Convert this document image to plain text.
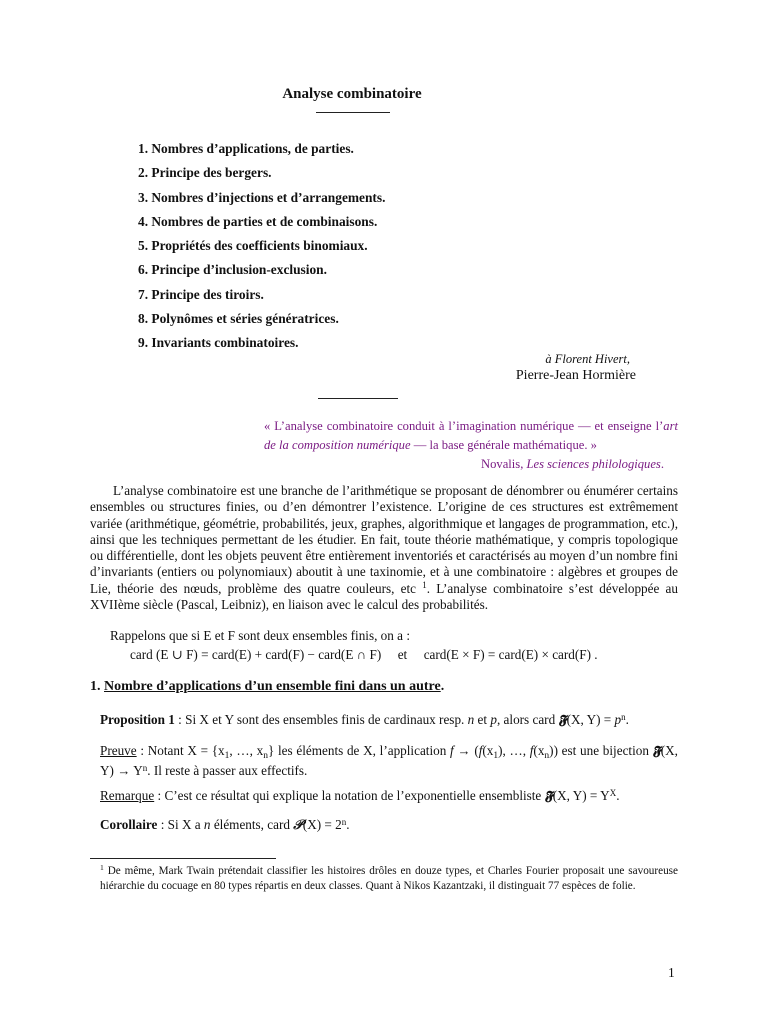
Analyse combinatoire
1. Nombres d’applications, de parties.
2. Principe des bergers.
3. Nombres d’injections et d’arrangements.
4. Nombres de parties et de combinaisons.
5. Propriétés des coefficients binomiaux.
6. Principe d’inclusion-exclusion.
7. Principe des tiroirs.
8. Polynômes et séries génératrices.
9. Invariants combinatoires.
à Florent Hivert,
Pierre-Jean Hormière
« L’analyse combinatoire conduit à l’imagination numérique — et enseigne l’art de la composition numérique — la base générale mathématique. »
Novalis, Les sciences philologiques.
L’analyse combinatoire est une branche de l’arithmétique se proposant de dénombrer ou énumérer certains ensembles ou structures finies, ou d’en démontrer l’existence. L’origine de ces structures est extrêmement variée (arithmétique, géométrie, probabilités, jeux, graphes, algorithmique et langages de programmation, etc.), ainsi que les techniques permettant de les étudier. En fait, toute théorie mathématique, y compris topologique ou différentielle, dont les objets peuvent être entièrement inventoriés et caractérisés au moyen d’un nombre fini d’invariants (entiers ou polynomiaux) aboutit à une taxinomie, et à une combinatoire : algèbres et groupes de Lie, théorie des nœuds, problème des quatre couleurs, etc $^1$. L’analyse combinatoire s’est développée au XVIIème siècle (Pascal, Leibniz), en liaison avec le calcul des probabilités.
Rappelons que si E et F sont deux ensembles finis, on a :
card (E ∪ F) = card(E) + card(F) − card(E ∩ F)     et     card(E × F) = card(E) × card(F) .
1. Nombre d’applications d’un ensemble fini dans un autre.
Proposition 1 : Si X et Y sont des ensembles finis de cardinaux resp. n et p, alors card 𝕱(X, $Y) = p^n$.
Preuve : Notant $X = \{x_1$, …, $x_n$} les éléments de X, l’application $f \to (f(x_1)$, …, $f(x_n)$) est une bijection 𝕱(X, $Y) \to Y^n$. Il reste à passer aux effectifs.
Remarque : C’est ce résultat qui explique la notation de l’exponentielle ensembliste 𝕱(X, $Y) = Y^X$.
Corollaire : Si X a n éléments, card 𝒫(X) = $2^n$.
$^1$ De même, Mark Twain prétendait classifier les histoires drôles en douze types, et Charles Fourier proposait une savoureuse hiérarchie du cocuage en 80 types répartis en deux classes. Quant à Nikos Kazantzaki, il distinguait 77 espèces de folie.
1
